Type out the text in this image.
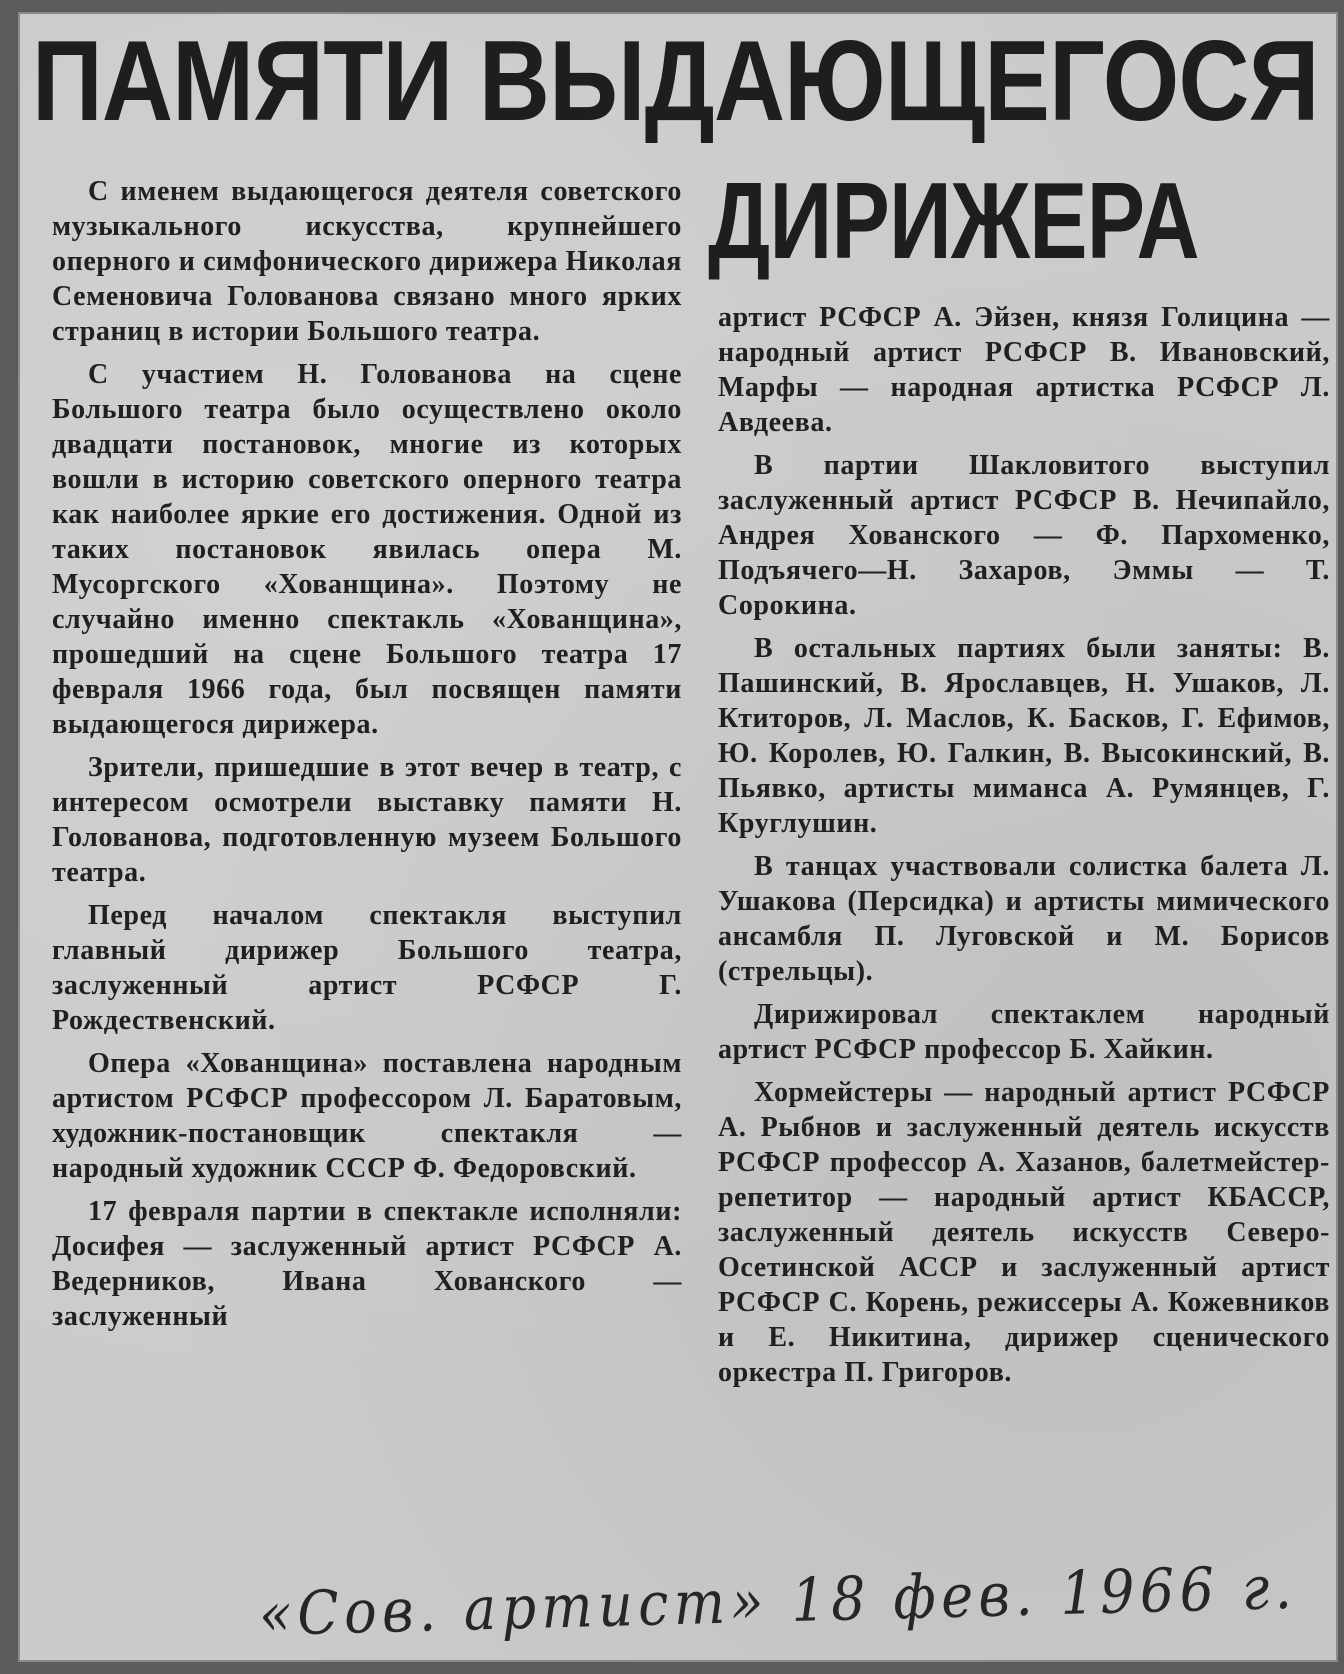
ПАМЯТИ ВЫДАЮЩЕГОСЯ
ДИРИЖЕРА

С именем выдающегося деятеля советского музыкального искусства, крупнейшего оперного и симфонического дирижера Николая Семеновича Голованова связано много ярких страниц в истории Большого театра.

С участием Н. Голованова на сцене Большого театра было осуществлено около двадцати постановок, многие из которых вошли в историю советского оперного театра как наиболее яркие его достижения. Одной из таких постановок явилась опера М. Мусоргского «Хованщина». Поэтому не случайно именно спектакль «Хованщина», прошедший на сцене Большого театра 17 февраля 1966 года, был посвящен памяти выдающегося дирижера.

Зрители, пришедшие в этот вечер в театр, с интересом осмотрели выставку памяти Н. Голованова, подготовленную музеем Большого театра.

Перед началом спектакля выступил главный дирижер Большого театра, заслуженный артист РСФСР Г. Рождественский.

Опера «Хованщина» поставлена народным артистом РСФСР профессором Л. Баратовым, художник-постановщик спектакля — народный художник СССР Ф. Федоровский.

17 февраля партии в спектакле исполняли: Досифея — заслуженный артист РСФСР А. Ведерников, Ивана Хованского — заслуженный

артист РСФСР А. Эйзен, князя Голицина — народный артист РСФСР В. Ивановский, Марфы — народная артистка РСФСР Л. Авдеева.

В партии Шакловитого выступил заслуженный артист РСФСР В. Нечипайло, Андрея Хованского — Ф. Пархоменко, Подъячего—Н. Захаров, Эммы — Т. Сорокина.

В остальных партиях были заняты: В. Пашинский, В. Ярославцев, Н. Ушаков, Л. Ктиторов, Л. Маслов, К. Басков, Г. Ефимов, Ю. Королев, Ю. Галкин, В. Высокинский, В. Пьявко, артисты миманса А. Румянцев, Г. Круглушин.

В танцах участвовали солистка балета Л. Ушакова (Персидка) и артисты мимического ансамбля П. Луговской и М. Борисов (стрельцы).

Дирижировал спектаклем народный артист РСФСР профессор Б. Хайкин.

Хормейстеры — народный артист РСФСР А. Рыбнов и заслуженный деятель искусств РСФСР профессор А. Хазанов, балетмейстер-репетитор — народный артист КБАССР, заслуженный деятель искусств Северо-Осетинской АССР и заслуженный артист РСФСР С. Корень, режиссеры А. Кожевников и Е. Никитина, дирижер сценического оркестра П. Григоров.

«Сов. артист» 18 фев. 1966 г.
